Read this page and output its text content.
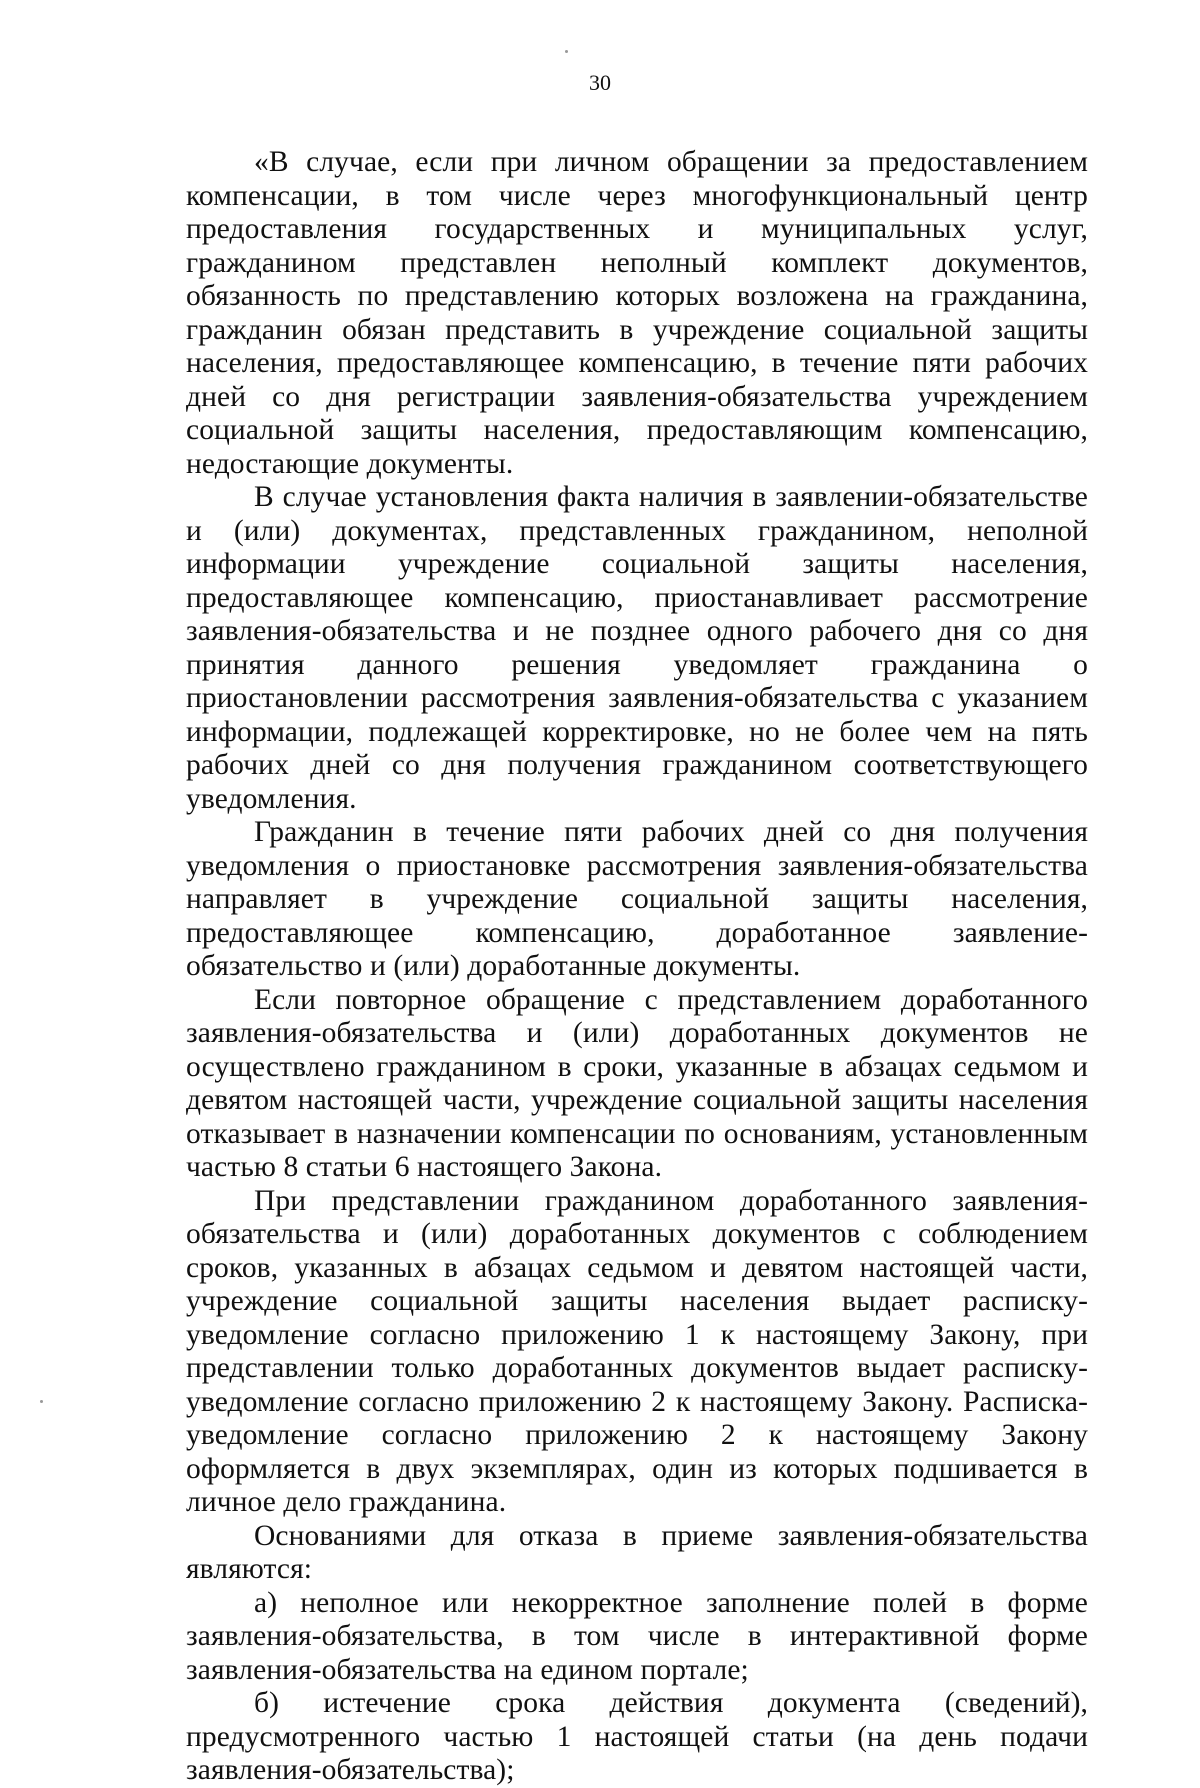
30

«В случае, если при личном обращении за предоставлением компенсации, в том числе через многофункциональный центр предоставления государственных и муниципальных услуг, гражданином представлен неполный комплект документов, обязанность по представлению которых возложена на гражданина, гражданин обязан представить в учреждение социальной защиты населения, предоставляющее компенсацию, в течение пяти рабочих дней со дня регистрации заявления-обязательства учреждением социальной защиты населения, предоставляющим компенсацию, недостающие документы.

В случае установления факта наличия в заявлении-обязательстве и (или) документах, представленных гражданином, неполной информации учреждение социальной защиты населения, предоставляющее компенсацию, приостанавливает рассмотрение заявления-обязательства и не позднее одного рабочего дня со дня принятия данного решения уведомляет гражданина о приостановлении рассмотрения заявления-обязательства с указанием информации, подлежащей корректировке, но не более чем на пять рабочих дней со дня получения гражданином соответствующего уведомления.

Гражданин в течение пяти рабочих дней со дня получения уведомления о приостановке рассмотрения заявления-обязательства направляет в учреждение социальной защиты населения, предоставляющее компенсацию, доработанное заявление-обязательство и (или) доработанные документы.

Если повторное обращение с представлением доработанного заявления-обязательства и (или) доработанных документов не осуществлено гражданином в сроки, указанные в абзацах седьмом и девятом настоящей части, учреждение социальной защиты населения отказывает в назначении компенсации по основаниям, установленным частью 8 статьи 6 настоящего Закона.

При представлении гражданином доработанного заявления-обязательства и (или) доработанных документов с соблюдением сроков, указанных в абзацах седьмом и девятом настоящей части, учреждение социальной защиты населения выдает расписку-уведомление согласно приложению 1 к настоящему Закону, при представлении только доработанных документов выдает расписку-уведомление согласно приложению 2 к настоящему Закону. Расписка-уведомление согласно приложению 2 к настоящему Закону оформляется в двух экземплярах, один из которых подшивается в личное дело гражданина.

Основаниями для отказа в приеме заявления-обязательства являются:

а) неполное или некорректное заполнение полей в форме заявления-обязательства, в том числе в интерактивной форме заявления-обязательства на едином портале;

б) истечение срока действия документа (сведений), предусмотренного частью 1 настоящей статьи (на день подачи заявления-обязательства);
